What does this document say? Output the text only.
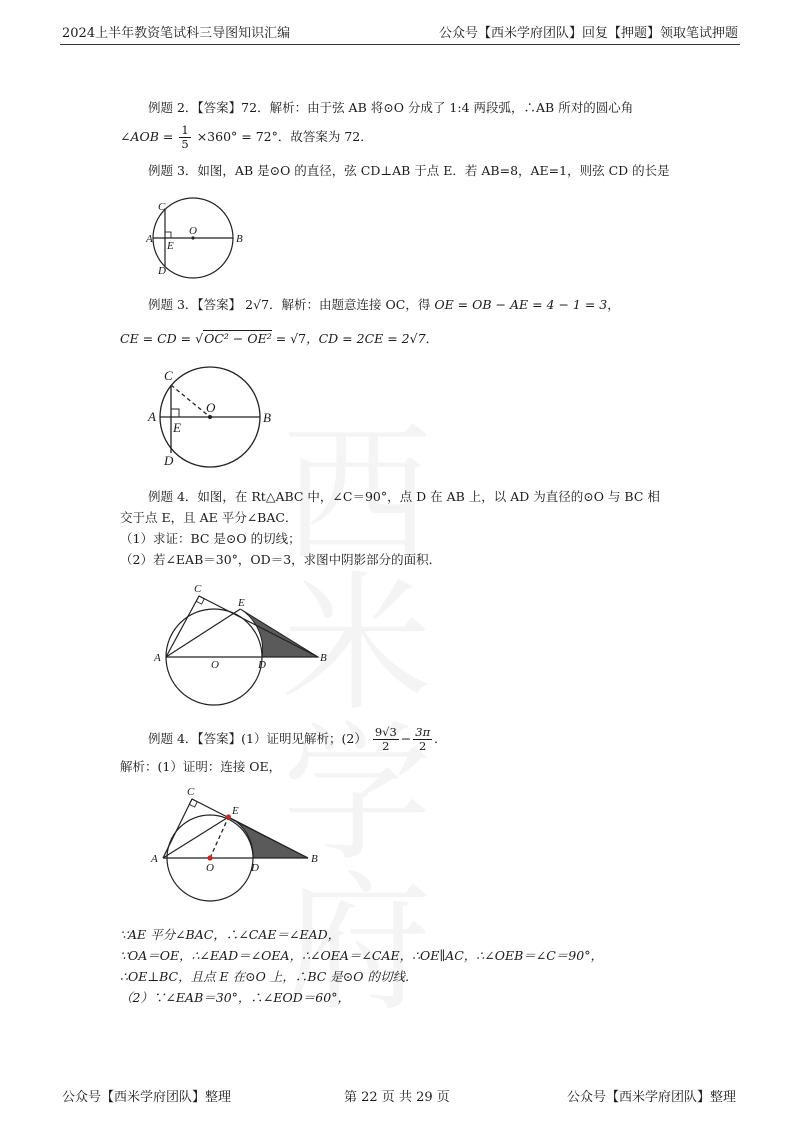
2024上半年教资笔试科三导图知识汇编	公众号【西米学府团队】回复【押题】领取笔试押题
例题 2．【答案】72．解析：由于弦 AB 将⊙O 分成了 1:4 两段弧，∴AB 所对的圆心角
∠AOB = $\frac{1}{5} \times 360^\circ = 72^\circ$．故答案为 72．
例题 3．如图，AB 是⊙O 的直径，弦 CD⊥AB 于点 E．若 AB=8，AE=1，则弦 CD 的长是
C
A
E
O
B
D
例题 3．【答案】 2√7．解析：由题意连接 OC，得 OE = OB − AE = 4 − 1 = 3，
CE = CD = √OC² − OE² = √7，CD = 2CE = 2√7．
C
A
E
O
B
D
例题 4．如图，在 Rt△ABC 中，∠C＝90°，点 D 在 AB 上，以 AD 为直径的⊙O 与 BC 相
交于点 E，且 AE 平分∠BAC．
（1）求证：BC 是⊙O 的切线；
（2）若∠EAB＝30°，OD＝3，求图中阴影部分的面积．
C
E
A
O	D
B
例题 4．【答案】(1）证明见解析；$(2) \frac{9√3}{2} - \frac{3\pi}{2}$ ．
解析：(1）证明：连接 OE，
C
E
A
O	D
B
∵AE 平分∠BAC，∴∠CAE＝∠EAD，
∵OA＝OE，∴∠EAD＝∠OEA，∴∠OEA＝∠CAE，∴OE∥AC，∴∠OEB＝∠C＝90°，
∴OE⊥BC，且点 E 在⊙O 上，∴BC 是⊙O 的切线．
（2）∵∠EAB＝30°，∴∠EOD＝60°，
公众号【西米学府团队】整理	第 22 页 共 29 页	公众号【西米学府团队】整理
